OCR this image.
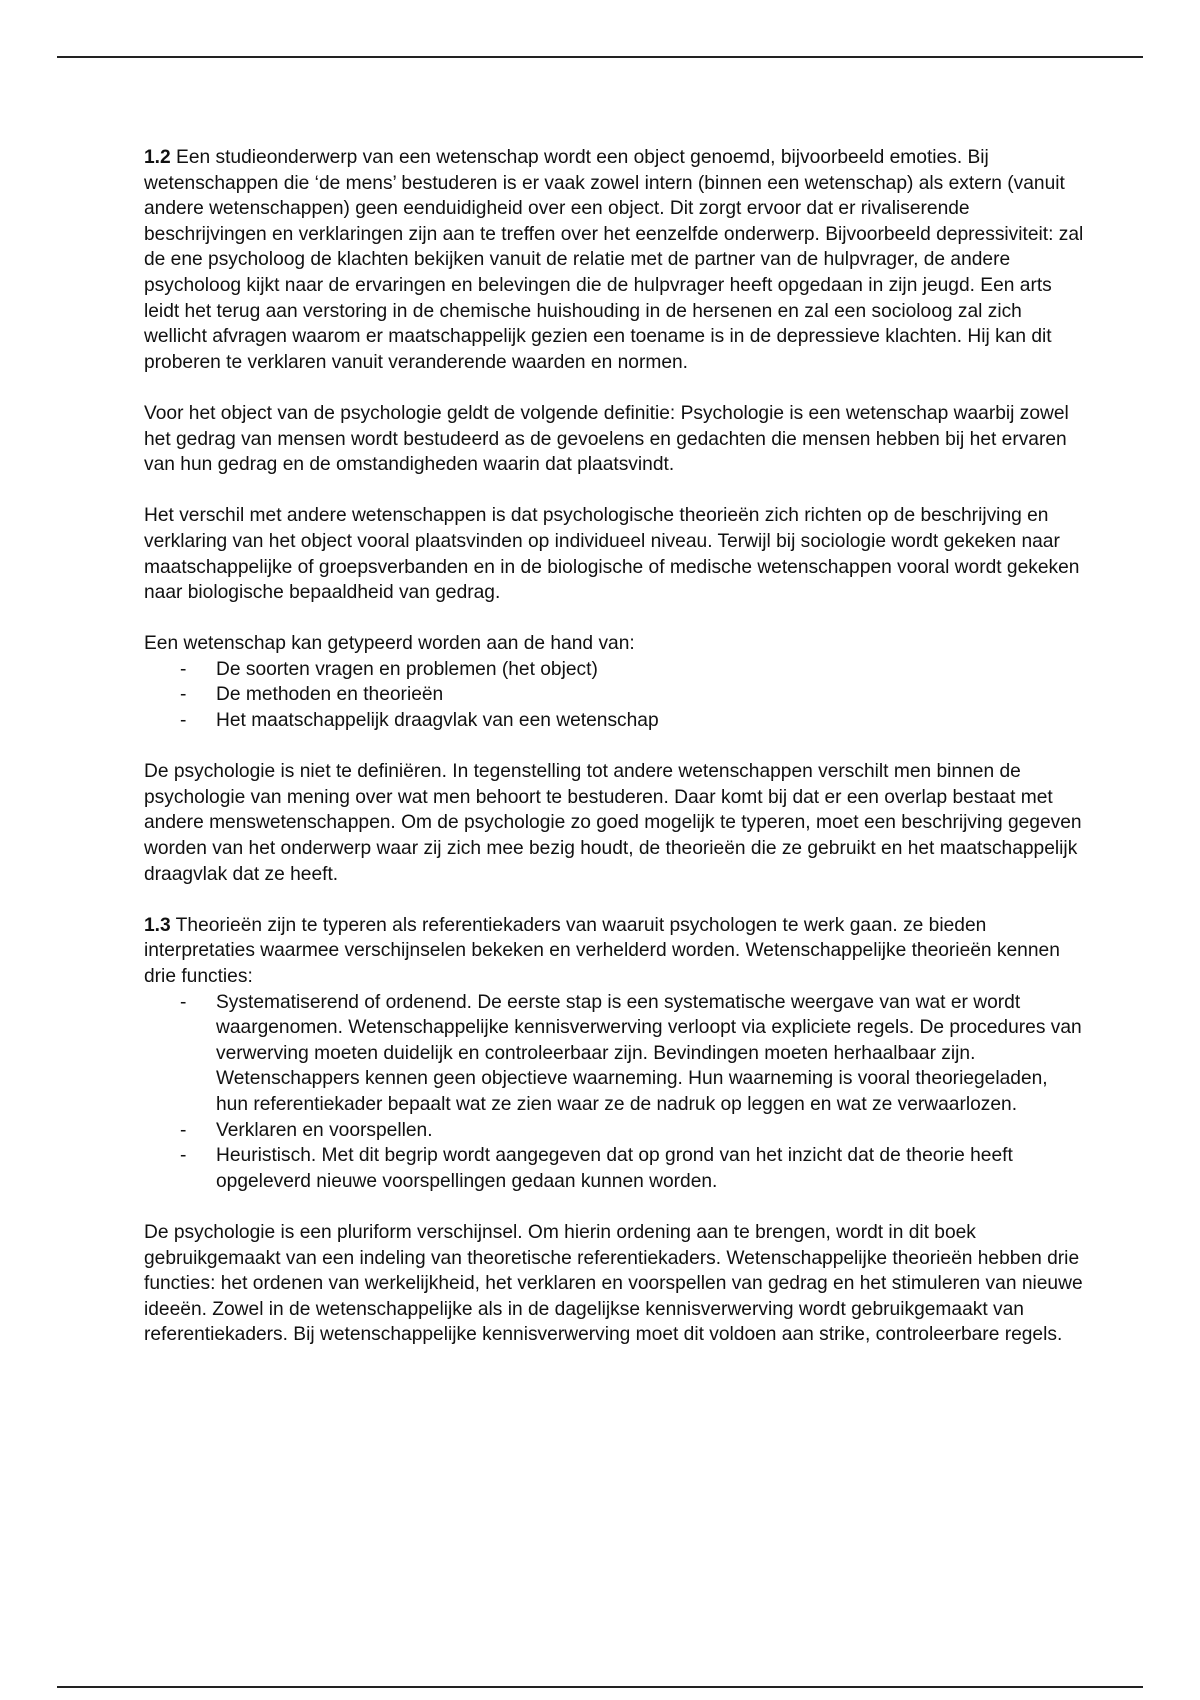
1.2 Een studieonderwerp van een wetenschap wordt een object genoemd, bijvoorbeeld emoties. Bij wetenschappen die ‘de mens’ bestuderen is er vaak zowel intern (binnen een wetenschap) als extern (vanuit andere wetenschappen) geen eenduidigheid over een object. Dit zorgt ervoor dat er rivaliserende beschrijvingen en verklaringen zijn aan te treffen over het eenzelfde onderwerp. Bijvoorbeeld depressiviteit: zal de ene psycholoog de klachten bekijken vanuit de relatie met de partner van de hulpvrager, de andere psycholoog kijkt naar de ervaringen en belevingen die de hulpvrager heeft opgedaan in zijn jeugd. Een arts leidt het terug aan verstoring in de chemische huishouding in de hersenen en zal een socioloog zal zich wellicht afvragen waarom er maatschappelijk gezien een toename is in de depressieve klachten. Hij kan dit proberen te verklaren vanuit veranderende waarden en normen.

Voor het object van de psychologie geldt de volgende definitie: Psychologie is een wetenschap waarbij zowel het gedrag van mensen wordt bestudeerd as de gevoelens en gedachten die mensen hebben bij het ervaren van hun gedrag en de omstandigheden waarin dat plaatsvindt.

Het verschil met andere wetenschappen is dat psychologische theorieën zich richten op de beschrijving en verklaring van het object vooral plaatsvinden op individueel niveau. Terwijl bij sociologie wordt gekeken naar maatschappelijke of groepsverbanden en in de biologische of medische wetenschappen vooral wordt gekeken naar biologische bepaaldheid van gedrag.

Een wetenschap kan getypeerd worden aan de hand van:

- De soorten vragen en problemen (het object)
- De methoden en theorieën
- Het maatschappelijk draagvlak van een wetenschap

De psychologie is niet te definiëren. In tegenstelling tot andere wetenschappen verschilt men binnen de psychologie van mening over wat men behoort te bestuderen. Daar komt bij dat er een overlap bestaat met andere menswetenschappen. Om de psychologie zo goed mogelijk te typeren, moet een beschrijving gegeven worden van het onderwerp waar zij zich mee bezig houdt, de theorieën die ze gebruikt en het maatschappelijk draagvlak dat ze heeft.

1.3 Theorieën zijn te typeren als referentiekaders van waaruit psychologen te werk gaan. ze bieden interpretaties waarmee verschijnselen bekeken en verhelderd worden. Wetenschappelijke theorieën kennen drie functies:

- Systematiserend of ordenend. De eerste stap is een systematische weergave van wat er wordt waargenomen. Wetenschappelijke kennisverwerving verloopt via expliciete regels. De procedures van verwerving moeten duidelijk en controleerbaar zijn. Bevindingen moeten herhaalbaar zijn. Wetenschappers kennen geen objectieve waarneming. Hun waarneming is vooral theoriegeladen, hun referentiekader bepaalt wat ze zien waar ze de nadruk op leggen en wat ze verwaarlozen.
- Verklaren en voorspellen.
- Heuristisch. Met dit begrip wordt aangegeven dat op grond van het inzicht dat de theorie heeft opgeleverd nieuwe voorspellingen gedaan kunnen worden.

De psychologie is een pluriform verschijnsel. Om hierin ordening aan te brengen, wordt in dit boek gebruikgemaakt van een indeling van theoretische referentiekaders. Wetenschappelijke theorieën hebben drie functies: het ordenen van werkelijkheid, het verklaren en voorspellen van gedrag en het stimuleren van nieuwe ideeën. Zowel in de wetenschappelijke als in de dagelijkse kennisverwerving wordt gebruikgemaakt van referentiekaders. Bij wetenschappelijke kennisverwerving moet dit voldoen aan strike, controleerbare regels.
